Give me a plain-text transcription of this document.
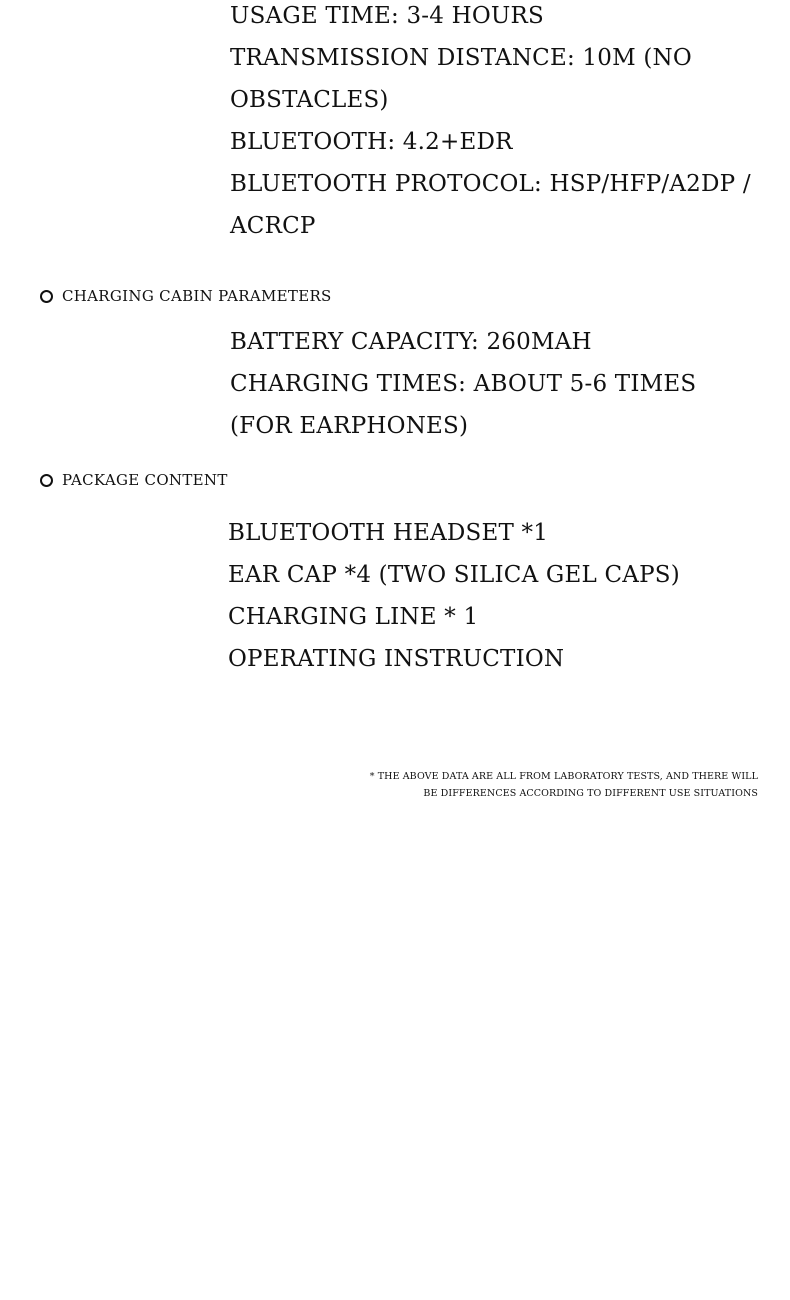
USAGE TIME: 3-4 HOURS
TRANSMISSION DISTANCE: 10M (NO
OBSTACLES)
BLUETOOTH: 4.2+EDR
BLUETOOTH PROTOCOL: HSP/HFP/A2DP /
ACRCP
CHARGING CABIN PARAMETERS
BATTERY CAPACITY: 260MAH
CHARGING TIMES: ABOUT 5-6 TIMES
(FOR EARPHONES)
PACKAGE CONTENT
BLUETOOTH HEADSET *1
EAR CAP *4 (TWO SILICA GEL CAPS)
CHARGING LINE * 1
OPERATING INSTRUCTION
* THE ABOVE DATA ARE ALL FROM LABORATORY TESTS, AND THERE WILL
BE DIFFERENCES ACCORDING TO DIFFERENT USE SITUATIONS
